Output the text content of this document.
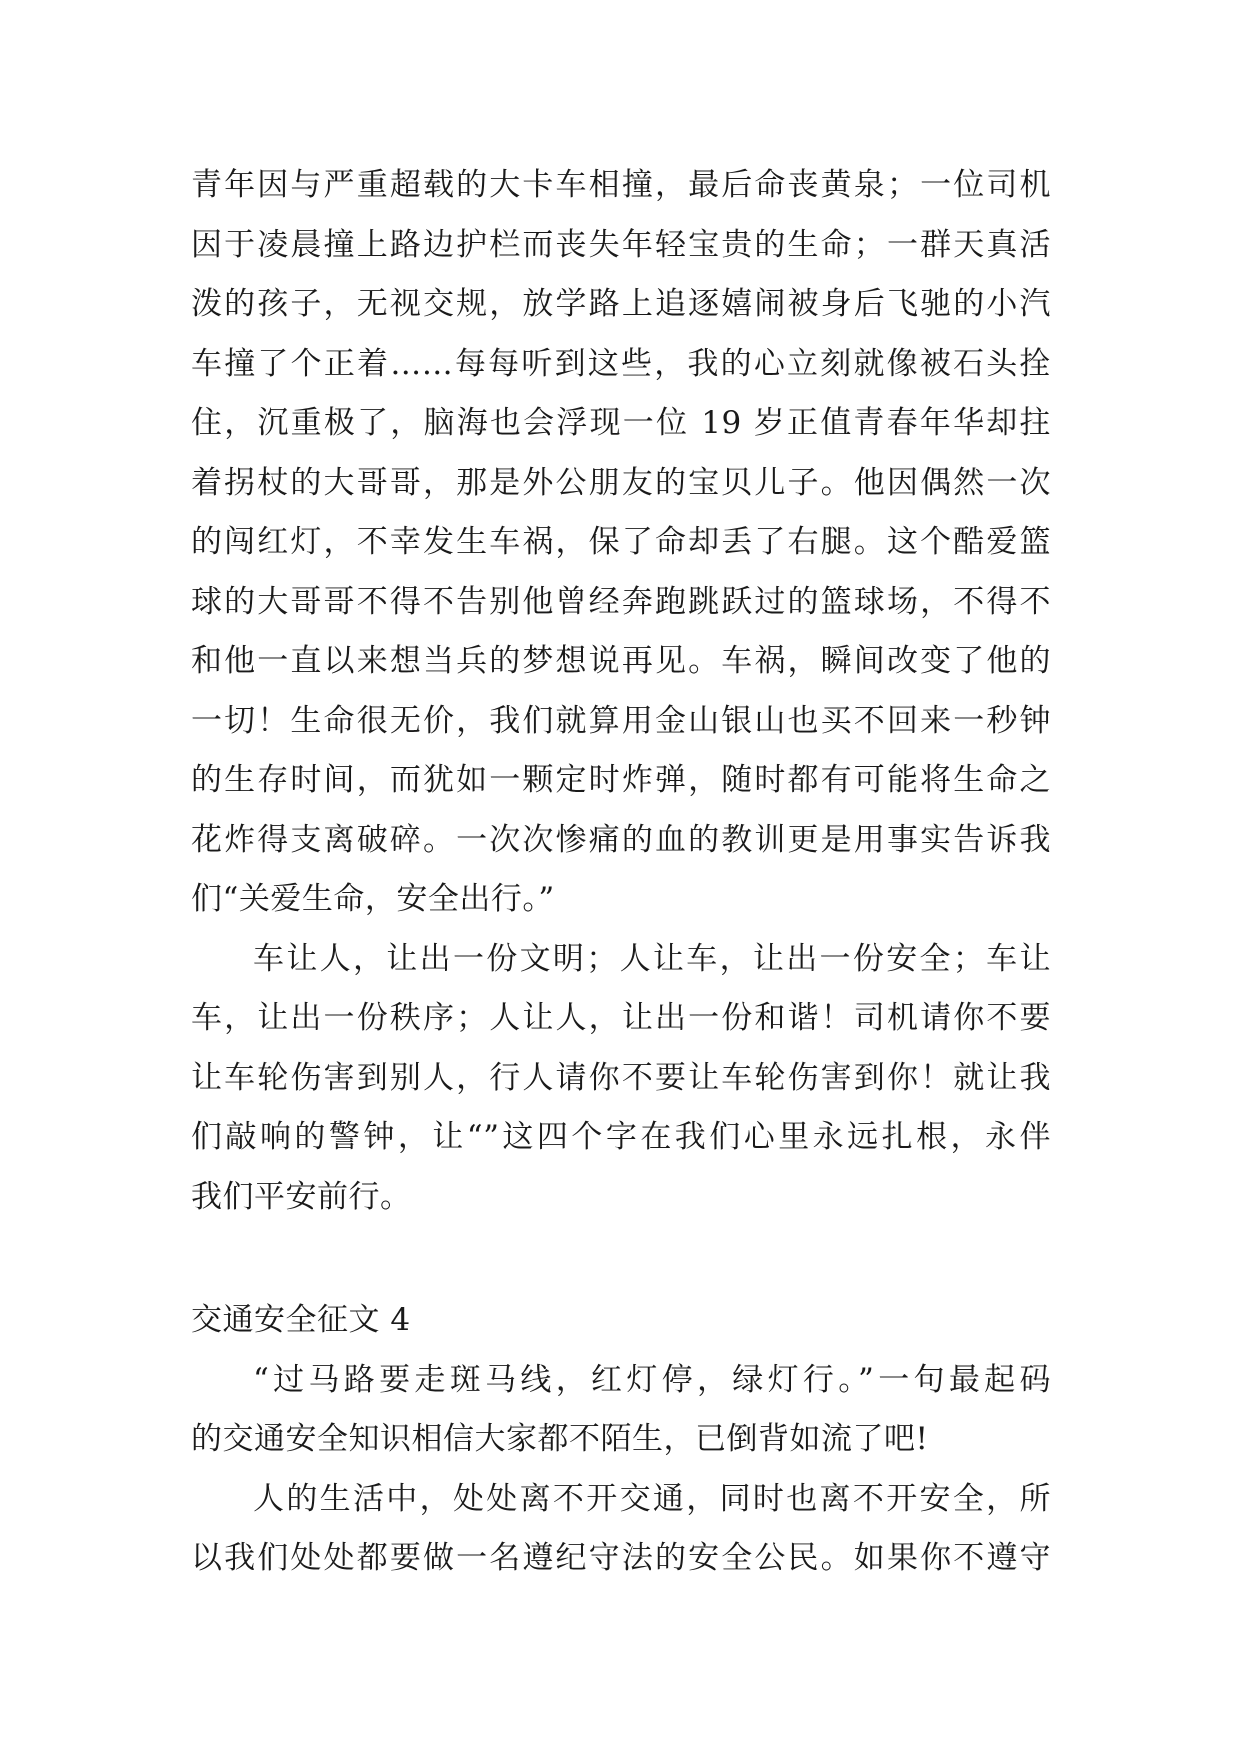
青年因与严重超载的大卡车相撞，最后命丧黄泉；一位司机
因于凌晨撞上路边护栏而丧失年轻宝贵的生命；一群天真活
泼的孩子，无视交规，放学路上追逐嬉闹被身后飞驰的小汽
车撞了个正着……每每听到这些，我的心立刻就像被石头拴
住，沉重极了，脑海也会浮现一位 19 岁正值青春年华却拄
着拐杖的大哥哥，那是外公朋友的宝贝儿子。他因偶然一次
的闯红灯，不幸发生车祸，保了命却丢了右腿。这个酷爱篮
球的大哥哥不得不告别他曾经奔跑跳跃过的篮球场，不得不
和他一直以来想当兵的梦想说再见。车祸，瞬间改变了他的
一切！生命很无价，我们就算用金山银山也买不回来一秒钟
的生存时间，而犹如一颗定时炸弹，随时都有可能将生命之
花炸得支离破碎。一次次惨痛的血的教训更是用事实告诉我
们“关爱生命，安全出行。”
车让人，让出一份文明；人让车，让出一份安全；车让
车，让出一份秩序；人让人，让出一份和谐！司机请你不要
让车轮伤害到别人，行人请你不要让车轮伤害到你！就让我
们敲响的警钟，让“”这四个字在我们心里永远扎根，永伴
我们平安前行。
交通安全征文 4
“过马路要走斑马线，红灯停，绿灯行。”一句最起码
的交通安全知识相信大家都不陌生，已倒背如流了吧!
人的生活中，处处离不开交通，同时也离不开安全，所
以我们处处都要做一名遵纪守法的安全公民。如果你不遵守
